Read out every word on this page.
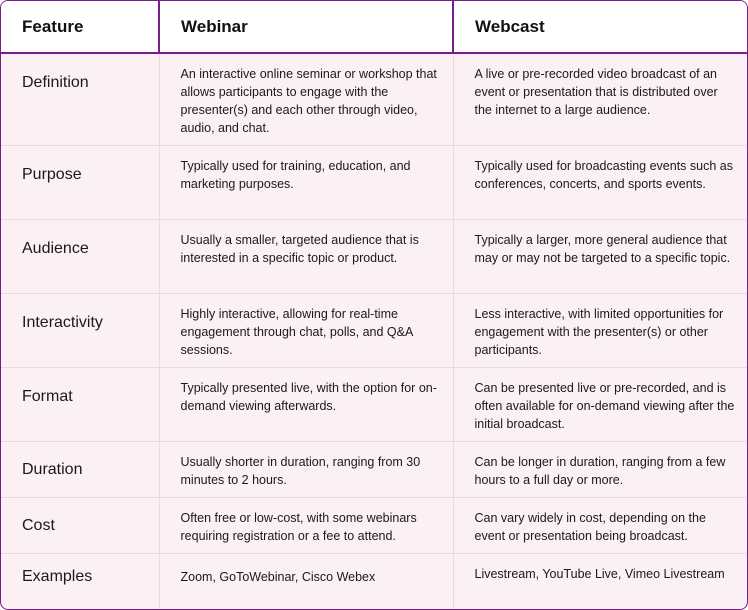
Feature	Webinar	Webcast
Definition	An interactive online seminar or workshop that allows participants to engage with the presenter(s) and each other through video, audio, and chat.	A live or pre-recorded video broadcast of an event or presentation that is distributed over the internet to a large audience.
Purpose	Typically used for training, education, and marketing purposes.	Typically used for broadcasting events such as conferences, concerts, and sports events.
Audience	Usually a smaller, targeted audience that is interested in a specific topic or product.	Typically a larger, more general audience that may or may not be targeted to a specific topic.
Interactivity	Highly interactive, allowing for real-time engagement through chat, polls, and Q&A sessions.	Less interactive, with limited opportunities for engagement with the presenter(s) or other participants.
Format	Typically presented live, with the option for on-demand viewing afterwards.	Can be presented live or pre-recorded, and is often available for on-demand viewing after the initial broadcast.
Duration	Usually shorter in duration, ranging from 30 minutes to 2 hours.	Can be longer in duration, ranging from a few hours to a full day or more.
Cost	Often free or low-cost, with some webinars requiring registration or a fee to attend.	Can vary widely in cost, depending on the event or presentation being broadcast.
Examples	Zoom, GoToWebinar, Cisco Webex	Livestream, YouTube Live, Vimeo Livestream
